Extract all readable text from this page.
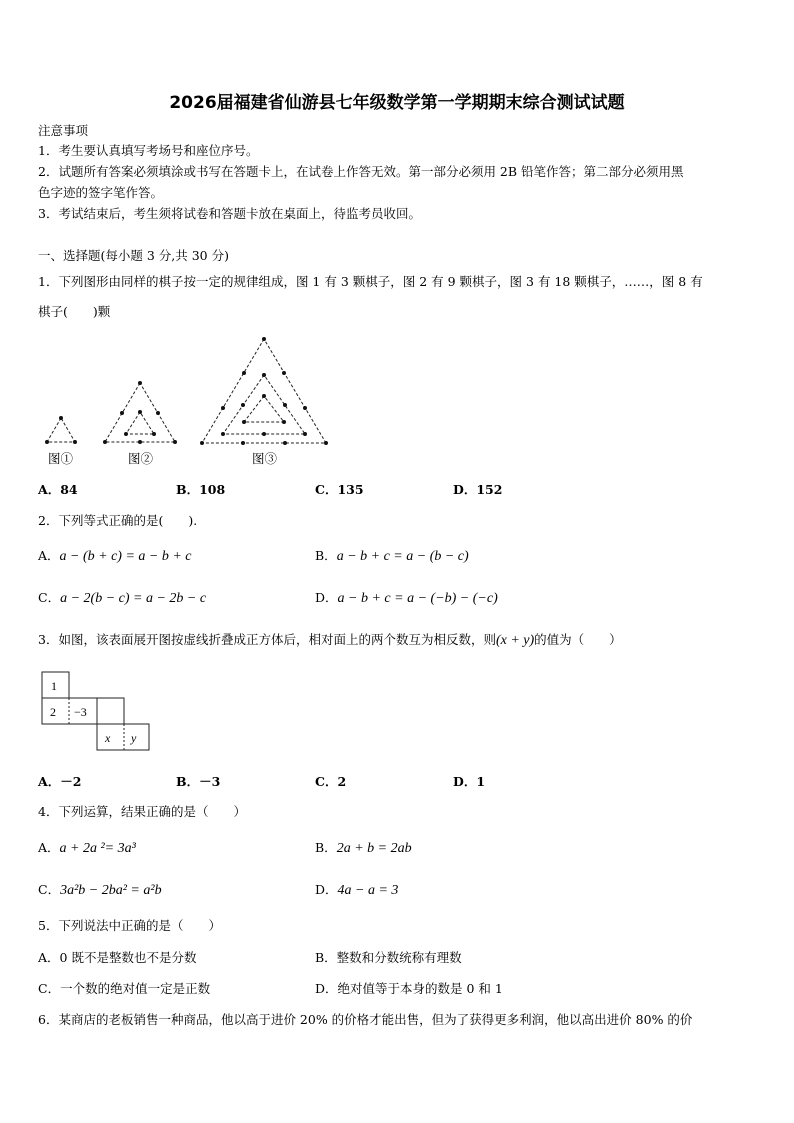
2026届福建省仙游县七年级数学第一学期期末综合测试试题
注意事项
1．考生要认真填写考场号和座位序号。
2．试题所有答案必须填涂或书写在答题卡上，在试卷上作答无效。第一部分必须用 2B 铅笔作答；第二部分必须用黑
色字迹的签字笔作答。
3．考试结束后，考生须将试卷和答题卡放在桌面上，待监考员收回。
一、选择题(每小题 3 分,共 30 分)
1．下列图形由同样的棋子按一定的规律组成，图 1 有 3 颗棋子，图 2 有 9 颗棋子，图 3 有 18 颗棋子，……，图 8 有
棋子(　　)颗
图①	图②	图③
A．84	B．108	C．135	D．152
2．下列等式正确的是(　　).
A．a − (b + c) = a − b + c	B．a − b + c = a − (b − c)
C．a − 2(b − c) = a − 2b − c	D．a − b + c = a − (−b) − (−c)
3．如图，该表面展开图按虚线折叠成正方体后，相对面上的两个数互为相反数，则(x + y)的值为（　　）
1
2 −3
x y
A．－2	B．－3	C．2	D．1
4．下列运算，结果正确的是（　　）
A．a + 2a ²= 3a³	B．2a + b = 2ab
C．3a²b − 2ba² = a²b	D．4a − a = 3
5．下列说法中正确的是（　　）
A．0 既不是整数也不是分数	B．整数和分数统称有理数
C．一个数的绝对值一定是正数	D．绝对值等于本身的数是 0 和 1
6．某商店的老板销售一种商品，他以高于进价 20% 的价格才能出售，但为了获得更多利润，他以高出进价 80% 的价
